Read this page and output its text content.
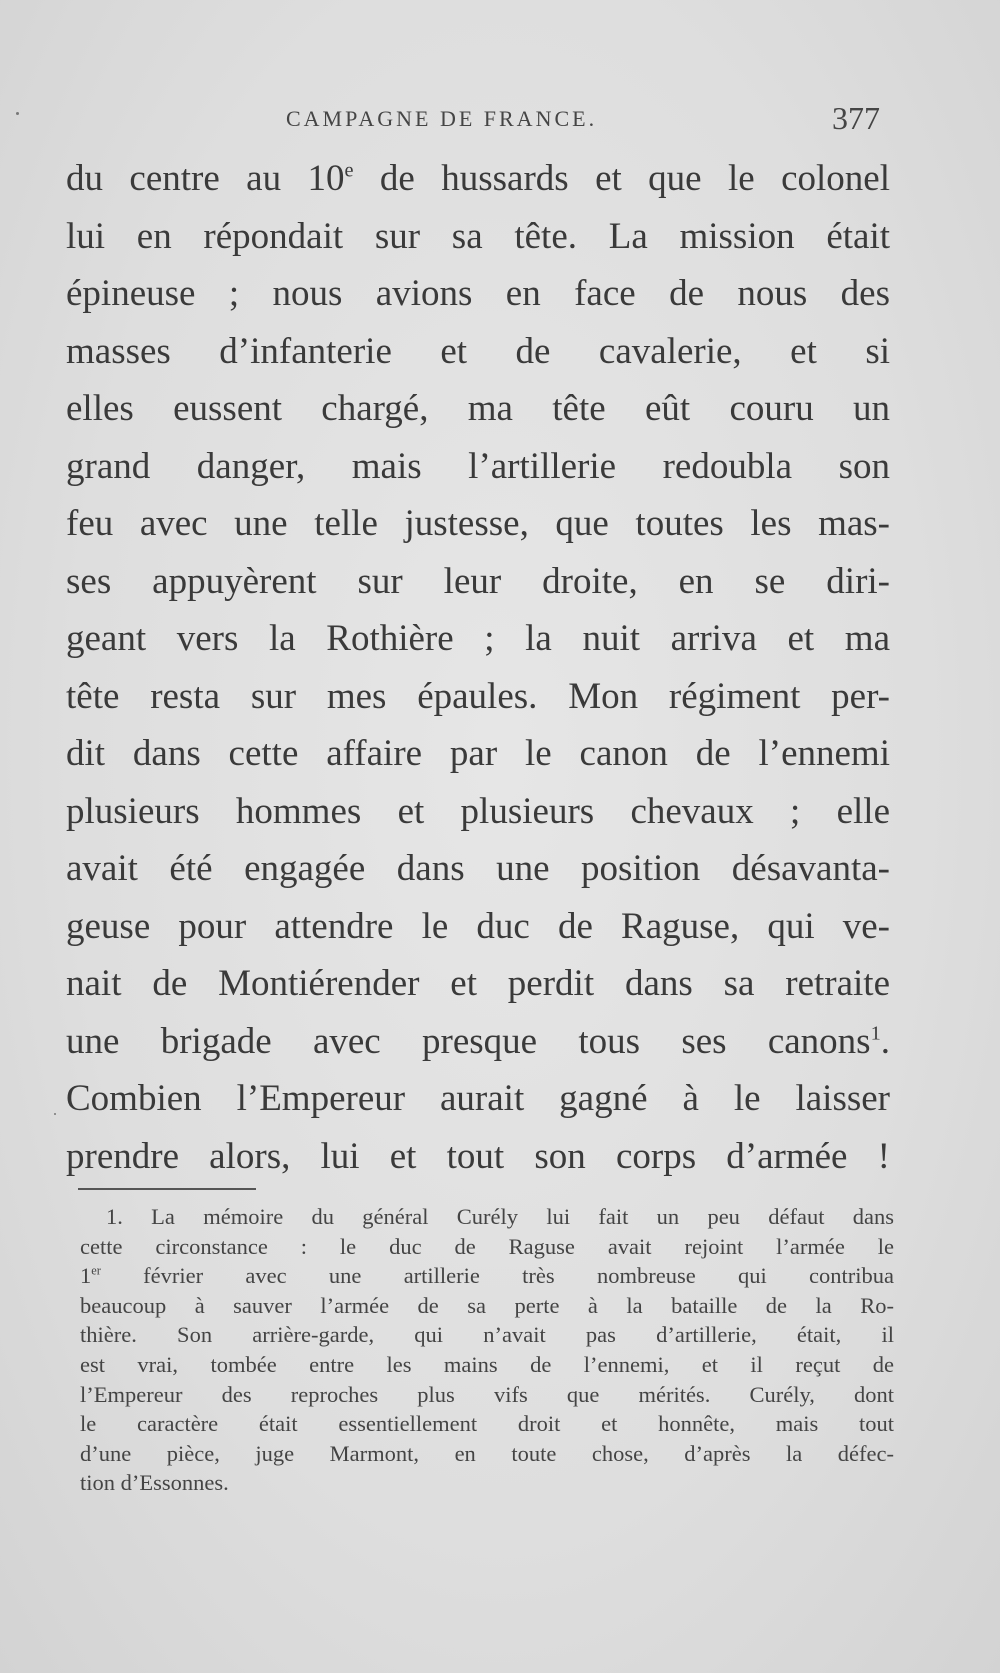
CAMPAGNE DE FRANCE.	377
du centre au 10e de hussards et que le colonel
lui en répondait sur sa tête. La mission était
épineuse ; nous avions en face de nous des
masses d’infanterie et de cavalerie, et si
elles eussent chargé, ma tête eût couru un
grand danger, mais l’artillerie redoubla son
feu avec une telle justesse, que toutes les mas-
ses appuyèrent sur leur droite, en se diri-
geant vers la Rothière ; la nuit arriva et ma
tête resta sur mes épaules. Mon régiment per-
dit dans cette affaire par le canon de l’ennemi
plusieurs hommes et plusieurs chevaux ; elle
avait été engagée dans une position désavanta-
geuse pour attendre le duc de Raguse, qui ve-
nait de Montiérender et perdit dans sa retraite
une brigade avec presque tous ses canons$^1$.
Combien l’Empereur aurait gagné à le laisser
prendre alors, lui et tout son corps d’armée !
1. La mémoire du général Curély lui fait un peu défaut dans
cette circonstance : le duc de Raguse avait rejoint l’armée le
1er février avec une artillerie très nombreuse qui contribua
beaucoup à sauver l’armée de sa perte à la bataille de la Ro-
thière. Son arrière-garde, qui n’avait pas d’artillerie, était, il
est vrai, tombée entre les mains de l’ennemi, et il reçut de
l’Empereur des reproches plus vifs que mérités. Curély, dont
le caractère était essentiellement droit et honnête, mais tout
d’une pièce, juge Marmont, en toute chose, d’après la défec-
tion d’Essonnes.
